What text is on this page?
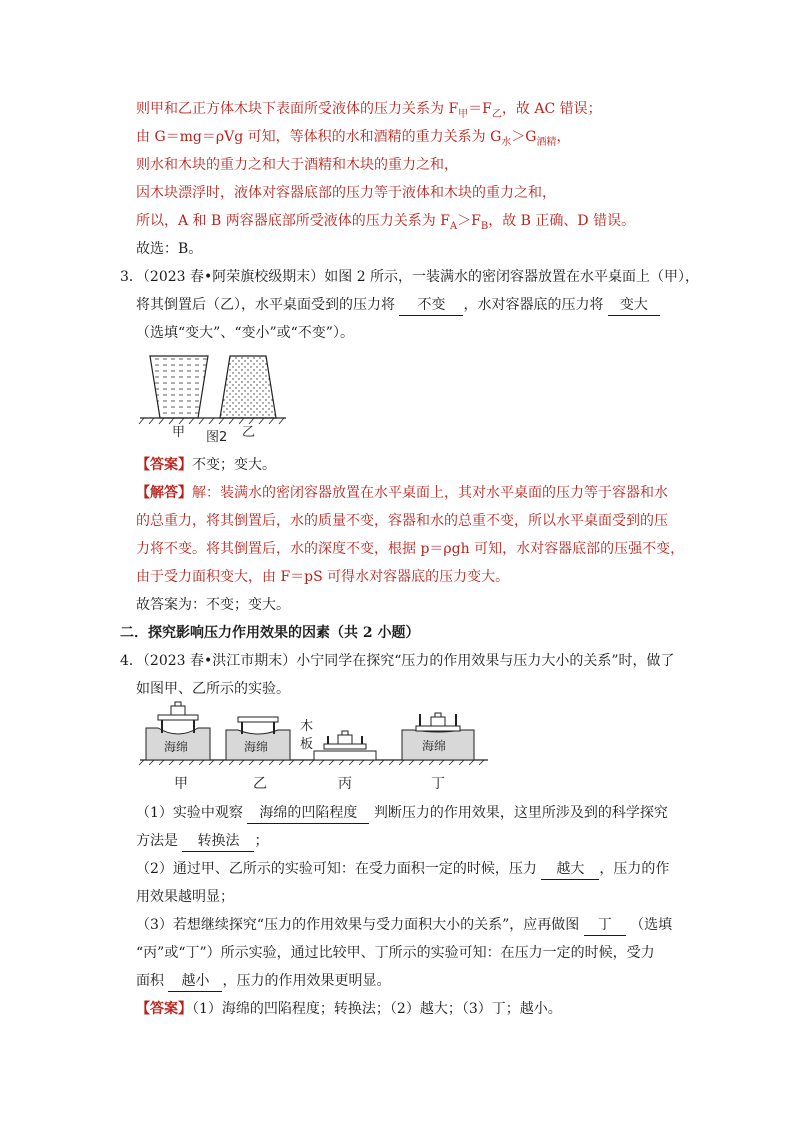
则甲和乙正方体木块下表面所受液体的压力关系为 $F_甲=F_乙$，故 AC 错误；
由 G＝mg＝ρVg 可知，等体积的水和酒精的重力关系为 $G_水>G_{酒精}$，
则水和木块的重力之和大于酒精和木块的重力之和，
因木块漂浮时，液体对容器底部的压力等于液体和木块的重力之和，
所以，A 和 B 两容器底部所受液体的压力关系为 $F_A>F_B$，故 B 正确、D 错误。
故选：B。
3．（2023 春•阿荣旗校级期末）如图 2 所示，一装满水的密闭容器放置在水平桌面上（甲），
将其倒置后（乙），水平桌面受到的压力将 不变 ，水对容器底的压力将 变大
（选填“变大”、“变小”或“不变”）。
甲 图2 乙
【答案】不变；变大。
【解答】解：装满水的密闭容器放置在水平桌面上，其对水平桌面的压力等于容器和水
的总重力，将其倒置后，水的质量不变，容器和水的总重不变，所以水平桌面受到的压
力将不变。将其倒置后，水的深度不变，根据 p＝ρgh 可知，水对容器底部的压强不变，
由于受力面积变大，由 F＝pS 可得水对容器底的压力变大。
故答案为：不变；变大。
二．探究影响压力作用效果的因素（共 2 小题）
4．（2023 春•洪江市期末）小宁同学在探究“压力的作用效果与压力大小的关系”时，做了
如图甲、乙所示的实验。
海绵	海绵
木
板	海绵
甲	乙	丙	丁
（1）实验中观察 海绵的凹陷程度 判断压力的作用效果，这里所涉及到的科学探究
方法是 转换法 ；
（2）通过甲、乙所示的实验可知：在受力面积一定的时候，压力 越大 ，压力的作
用效果越明显；
（3）若想继续探究“压力的作用效果与受力面积大小的关系”，应再做图 丁 （选填
“丙”或“丁”）所示实验，通过比较甲、丁所示的实验可知：在压力一定的时候，受力
面积 越小 ，压力的作用效果更明显。
【答案】（1）海绵的凹陷程度；转换法；（2）越大；（3）丁；越小。
